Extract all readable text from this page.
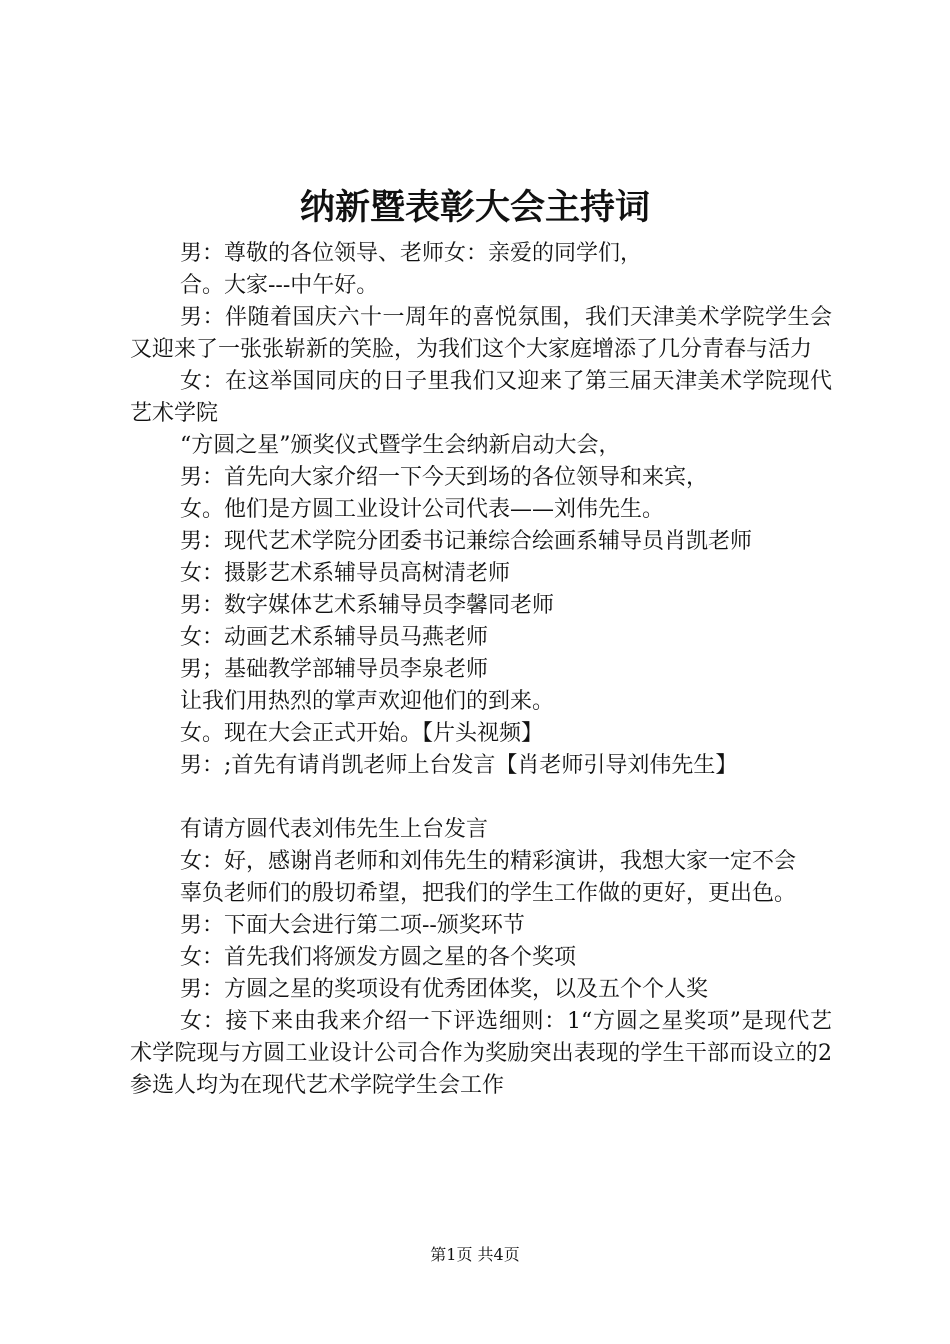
纳新暨表彰大会主持词

男：尊敬的各位领导、老师女：亲爱的同学们，

合。大家---中午好。

男：伴随着国庆六十一周年的喜悦氛围，我们天津美术学院学生会又迎来了一张张崭新的笑脸，为我们这个大家庭增添了几分青春与活力

女：在这举国同庆的日子里我们又迎来了第三届天津美术学院现代艺术学院

“方圆之星”颁奖仪式暨学生会纳新启动大会，

男：首先向大家介绍一下今天到场的各位领导和来宾，

女。他们是方圆工业设计公司代表——刘伟先生。

男：现代艺术学院分团委书记兼综合绘画系辅导员肖凯老师

女：摄影艺术系辅导员高树清老师

男：数字媒体艺术系辅导员李馨同老师

女：动画艺术系辅导员马燕老师

男；基础教学部辅导员李泉老师

让我们用热烈的掌声欢迎他们的到来。

女。现在大会正式开始。【片头视频】

男：;首先有请肖凯老师上台发言【肖老师引导刘伟先生】

有请方圆代表刘伟先生上台发言

女：好，感谢肖老师和刘伟先生的精彩演讲，我想大家一定不会

辜负老师们的殷切希望，把我们的学生工作做的更好，更出色。

男：下面大会进行第二项--颁奖环节

女：首先我们将颁发方圆之星的各个奖项

男：方圆之星的奖项设有优秀团体奖，以及五个个人奖

女：接下来由我来介绍一下评选细则：1“方圆之星奖项”是现代艺术学院现与方圆工业设计公司合作为奖励突出表现的学生干部而设立的2参选人均为在现代艺术学院学生会工作

第1页 共4页
